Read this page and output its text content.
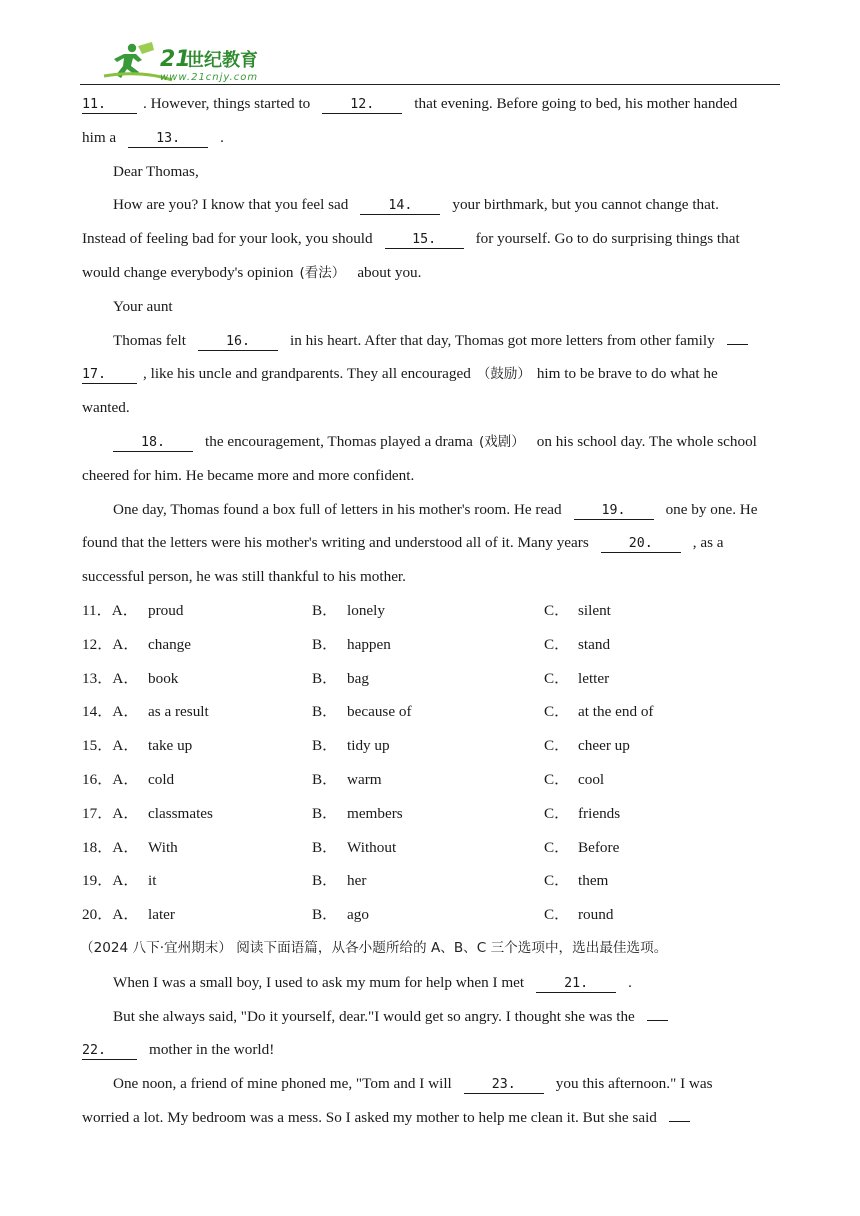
21
世纪教育
www.21cnjy.com
11. . However, things started to	12.	that evening. Before going to bed, his mother handed
him a	13.	.
Dear Thomas,
How are you? I know that you feel sad	14.	your birthmark, but you cannot change that.
Instead of feeling bad for your look, you should	15.	for yourself. Go to do surprising things that
would change everybody's opinion (看法） about you.
Your aunt
Thomas felt	16.	in his heart. After that day, Thomas got more letters from other family
17. , like his uncle and grandparents. They all encouraged （鼓励） him to be brave to do what he
wanted.
18.	the encouragement, Thomas played a drama (戏剧） on his school day. The whole school
cheered for him. He became more and more confident.
One day, Thomas found a box full of letters in his mother's room. He read	19.	one by one. He
found that the letters were his mother's writing and understood all of it. Many years	20.	, as a
successful person, he was still thankful to his mother.
11．A． proud	B． lonely	C． silent
12．A． change	B． happen	C． stand
13．A． book	B． bag	C． letter
14．A． as a result	B． because of	C． at the end of
15．A． take up	B． tidy up	C． cheer up
16．A． cold	B． warm	C． cool
17．A． classmates	B． members	C． friends
18．A． With	B． Without	C． Before
19．A． it	B． her	C． them
20．A． later	B． ago	C． round
（2024 八下·宜州期末） 阅读下面语篇，从各小题所给的 A、B、C 三个选项中，选出最佳选项。
When I was a small boy, I used to ask my mum for help when I met	21.	.
But she always said, "Do it yourself, dear."I would get so angry. I thought she was the
22.	mother in the world!
One noon, a friend of mine phoned me, "Tom and I will	23.	you this afternoon." I was
worried a lot. My bedroom was a mess. So I asked my mother to help me clean it. But she said
